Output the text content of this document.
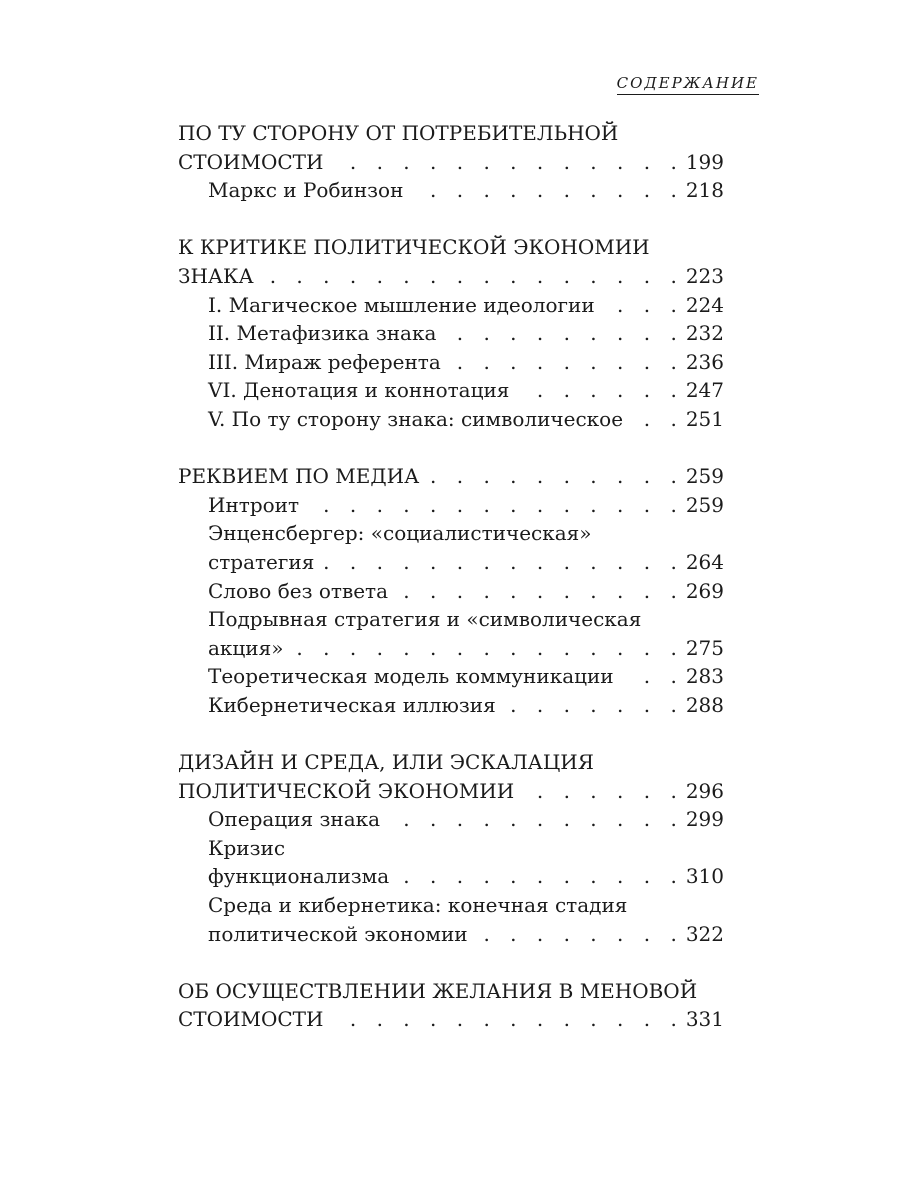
СОДЕРЖАНИЕ
ПО ТУ СТОРОНУ ОТ ПОТРЕБИТЕЛЬНОЙ
СТОИМОСТИ . . .	199
Маркс и Робинзон . . .	218
К КРИТИКЕ ПОЛИТИЧЕСКОЙ ЭКОНОМИИ
ЗНАКА . . .	223
I. Магическое мышление идеологии . . .	224
II. Метафизика знака . . .	232
III. Мираж референта . . .	236
VI. Денотация и коннотация . . .	247
V. По ту сторону знака: символическое . . .	251
РЕКВИЕМ ПО МЕДИА . . .	259
Интроит . . .	259
Энценсбергер: «социалистическая»
стратегия . . .	264
Слово без ответа . . .	269
Подрывная стратегия и «символическая
акция» . . .	275
Теоретическая модель коммуникации . . .	283
Кибернетическая иллюзия . . .	288
ДИЗАЙН И СРЕДА, ИЛИ ЭСКАЛАЦИЯ
ПОЛИТИЧЕСКОЙ ЭКОНОМИИ . . .	296
Операция знака . . .	299
Кризис
функционализма . . .	310
Среда и кибернетика: конечная стадия
политической экономии . . .	322
ОБ ОСУЩЕСТВЛЕНИИ ЖЕЛАНИЯ В МЕНОВОЙ
СТОИМОСТИ . . .	331
